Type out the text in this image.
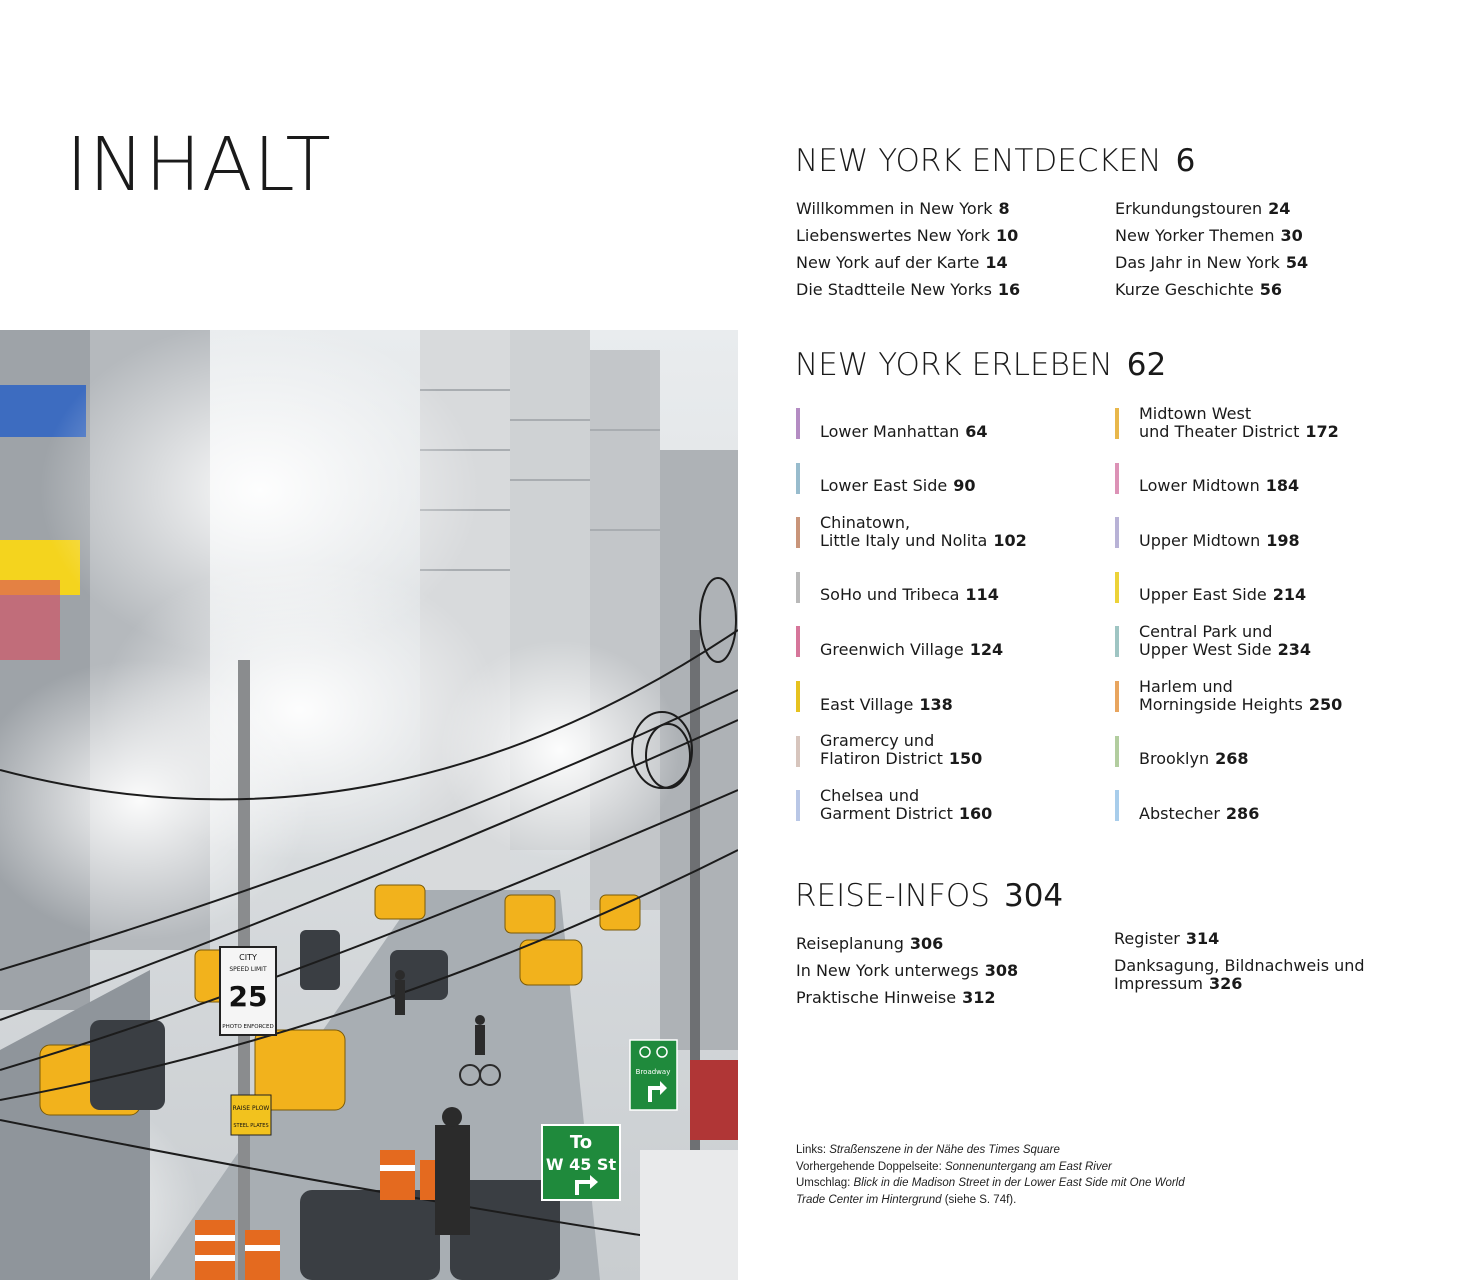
INHALT
CITY
SPEED LIMIT
25
PHOTO ENFORCED
RAISE PLOW
STEEL PLATES
To
W 45 St
Broadway
NEW YORK ENTDECKEN 6
Willkommen in New York 8
Liebenswertes New York 10
New York auf der Karte 14
Die Stadtteile New Yorks 16
Erkundungstouren 24
New Yorker Themen 30
Das Jahr in New York 54
Kurze Geschichte 56
NEW YORK ERLEBEN 62
Lower Manhattan 64
Lower East Side 90
Chinatown,
Little Italy und Nolita 102
SoHo und Tribeca 114
Greenwich Village 124
East Village 138
Gramercy und
Flatiron District 150
Chelsea und
Garment District 160
Midtown West
und Theater District 172
Lower Midtown 184
Upper Midtown 198
Upper East Side 214
Central Park und
Upper West Side 234
Harlem und
Morningside Heights 250
Brooklyn 268
Abstecher 286
REISE-INFOS 304
Reiseplanung 306
In New York unterwegs 308
Praktische Hinweise 312
Register 314
Danksagung, Bildnachweis und
Impressum 326
Links: Straßenszene in der Nähe des Times Square
Vorhergehende Doppelseite: Sonnenuntergang am East River
Umschlag: Blick in die Madison Street in der Lower East Side mit One World Trade Center im Hintergrund (siehe S. 74f).
